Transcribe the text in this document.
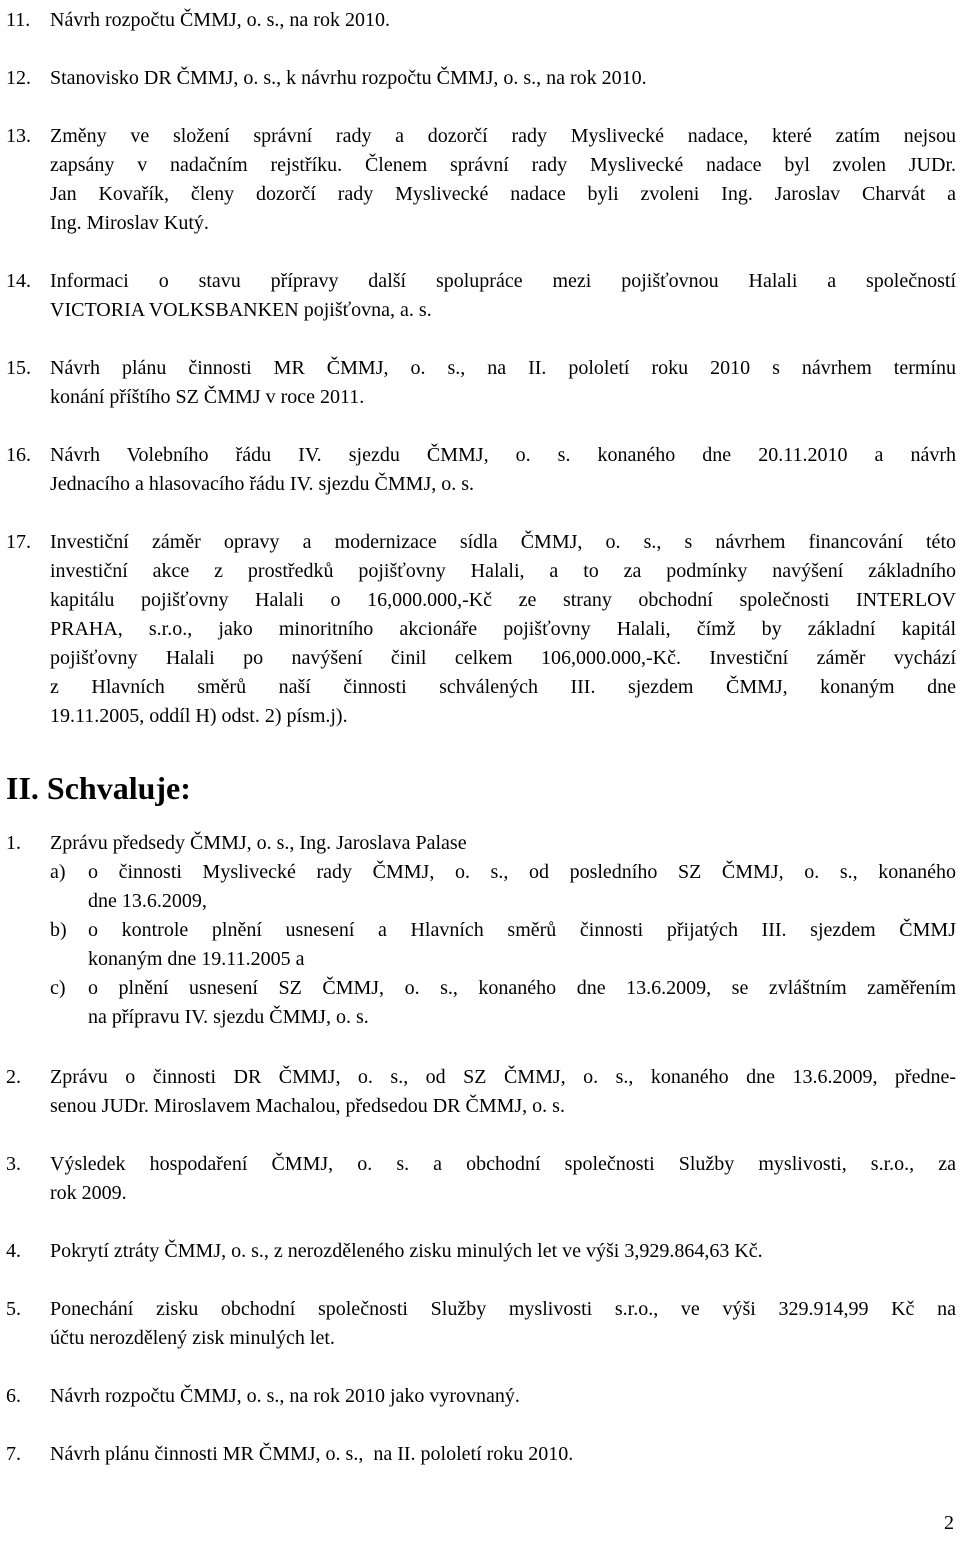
11. Návrh rozpočtu ČMMJ, o. s., na rok 2010.
12. Stanovisko DR ČMMJ, o. s., k návrhu rozpočtu ČMMJ, o. s., na rok 2010.
13. Změny ve složení správní rady a dozorčí rady Myslivecké nadace, které zatím nejsou
zapsány v nadačním rejstříku. Členem správní rady Myslivecké nadace byl zvolen JUDr.
Jan Kovařík, členy dozorčí rady Myslivecké nadace byli zvoleni Ing. Jaroslav Charvát a
Ing. Miroslav Kutý.
14. Informaci o stavu přípravy další spolupráce mezi pojišťovnou Halali a společností
VICTORIA VOLKSBANKEN pojišťovna, a. s.
15. Návrh plánu činnosti MR ČMMJ, o. s., na II. pololetí roku 2010 s návrhem termínu
konání příštího SZ ČMMJ v roce 2011.
16. Návrh Volebního řádu IV. sjezdu ČMMJ, o. s. konaného dne 20.11.2010 a návrh
Jednacího a hlasovacího řádu IV. sjezdu ČMMJ, o. s.
17. Investiční záměr opravy a modernizace sídla ČMMJ, o. s., s návrhem financování této
investiční akce z prostředků pojišťovny Halali, a to za podmínky navýšení základního
kapitálu pojišťovny Halali o 16,000.000,-Kč ze strany obchodní společnosti INTERLOV
PRAHA, s.r.o., jako minoritního akcionáře pojišťovny Halali, čímž by základní kapitál
pojišťovny Halali po navýšení činil celkem 106,000.000,-Kč. Investiční záměr vychází
z Hlavních směrů naší činnosti schválených III. sjezdem ČMMJ, konaným dne
19.11.2005, oddíl H) odst. 2) písm.j).
II. Schvaluje:
1.	Zprávu předsedy ČMMJ, o. s., Ing. Jaroslava Palase
a)	o činnosti Myslivecké rady ČMMJ, o. s., od posledního SZ ČMMJ, o. s., konaného
dne 13.6.2009,
b)	o kontrole plnění usnesení a Hlavních směrů činnosti přijatých III. sjezdem ČMMJ
konaným dne 19.11.2005 a
c)	o plnění usnesení SZ ČMMJ, o. s., konaného dne 13.6.2009, se zvláštním zaměřením
na přípravu IV. sjezdu ČMMJ, o. s.
2.	Zprávu o činnosti DR ČMMJ, o. s., od SZ ČMMJ, o. s., konaného dne 13.6.2009, předne-
senou JUDr. Miroslavem Machalou, předsedou DR ČMMJ, o. s.
3.	Výsledek hospodaření ČMMJ, o. s. a obchodní společnosti Služby myslivosti, s.r.o., za
rok 2009.
4.	Pokrytí ztráty ČMMJ, o. s., z nerozděleného zisku minulých let ve výši 3,929.864,63 Kč.
5.	Ponechání zisku obchodní společnosti Služby myslivosti s.r.o., ve výši 329.914,99 Kč na
účtu nerozdělený zisk minulých let.
6.	Návrh rozpočtu ČMMJ, o. s., na rok 2010 jako vyrovnaný.
7.	Návrh plánu činnosti MR ČMMJ, o. s.,  na II. pololetí roku 2010.
2
